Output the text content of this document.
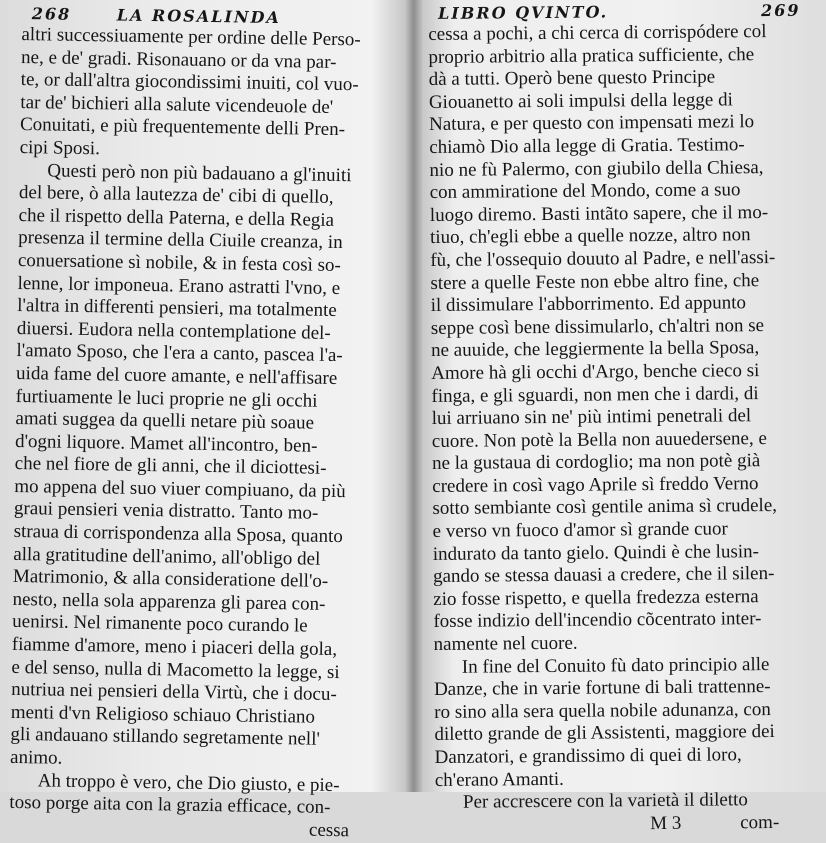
268	LA ROSALINDA
altri successiuamente per ordine delle Perso-
ne, e de' gradi. Risonauano or da vna par-
te, or dall'altra giocondissimi inuiti, col vuo-
tar de' bichieri alla salute vicendeuole de'
Conuitati, e più frequentemente delli Pren-
cipi Sposi.
Questi però non più badauano a gl'inuiti
del bere, ò alla lautezza de' cibi di quello,
che il rispetto della Paterna, e della Regia
presenza il termine della Ciuile creanza, in
conuersatione sì nobile, & in festa così so-
lenne, lor imponeua. Erano astratti l'vno, e
l'altra in differenti pensieri, ma totalmente
diuersi. Eudora nella contemplatione del-
l'amato Sposo, che l'era a canto, pascea l'a-
uida fame del cuore amante, e nell'affisare
furtiuamente le luci proprie ne gli occhi
amati suggea da quelli netare più soaue
d'ogni liquore. Mamet all'incontro, ben-
che nel fiore de gli anni, che il diciottesi-
mo appena del suo viuer compiuano, da più
graui pensieri venia distratto. Tanto mo-
straua di corrispondenza alla Sposa, quanto
alla gratitudine dell'animo, all'obligo del
Matrimonio, & alla consideratione dell'o-
nesto, nella sola apparenza gli parea con-
uenirsi. Nel rimanente poco curando le
fiamme d'amore, meno i piaceri della gola,
e del senso, nulla di Macometto la legge, si
nutriua nei pensieri della Virtù, che i docu-
menti d'vn Religioso schiauo Christiano
gli andauano stillando segretamente nell'
animo.
Ah troppo è vero, che Dio giusto, e pie-
toso porge aita con la grazia efficace, con-
cessa
LIBRO QVINTO.	269
cessa a pochi, a chi cerca di corrispódere col
proprio arbitrio alla pratica sufficiente, che
dà a tutti. Operò bene questo Principe
Giouanetto ai soli impulsi della legge di
Natura, e per questo con impensati mezi lo
chiamò Dio alla legge di Gratia. Testimo-
nio ne fù Palermo, con giubilo della Chiesa,
con ammiratione del Mondo, come a suo
luogo diremo. Basti intãto sapere, che il mo-
tiuo, ch'egli ebbe a quelle nozze, altro non
fù, che l'ossequio douuto al Padre, e nell'assi-
stere a quelle Feste non ebbe altro fine, che
il dissimulare l'abborrimento. Ed appunto
seppe così bene dissimularlo, ch'altri non se
ne auuide, che leggiermente la bella Sposa,
Amore hà gli occhi d'Argo, benche cieco si
finga, e gli sguardi, non men che i dardi, di
lui arriuano sin ne' più intimi penetrali del
cuore. Non potè la Bella non auuedersene, e
ne la gustaua di cordoglio; ma non potè già
credere in così vago Aprile sì freddo Verno
sotto sembiante così gentile anima sì crudele,
e verso vn fuoco d'amor sì grande cuor
indurato da tanto gielo. Quindi è che lusin-
gando se stessa dauasi a credere, che il silen-
zio fosse rispetto, e quella fredezza esterna
fosse indizio dell'incendio cõcentrato inter-
namente nel cuore.
In fine del Conuito fù dato principio alle
Danze, che in varie fortune di bali trattenne-
ro sino alla sera quella nobile adunanza, con
diletto grande de gli Assistenti, maggiore dei
Danzatori, e grandissimo di quei di loro,
ch'erano Amanti.
Per accrescere con la varietà il diletto
M 3	com-
